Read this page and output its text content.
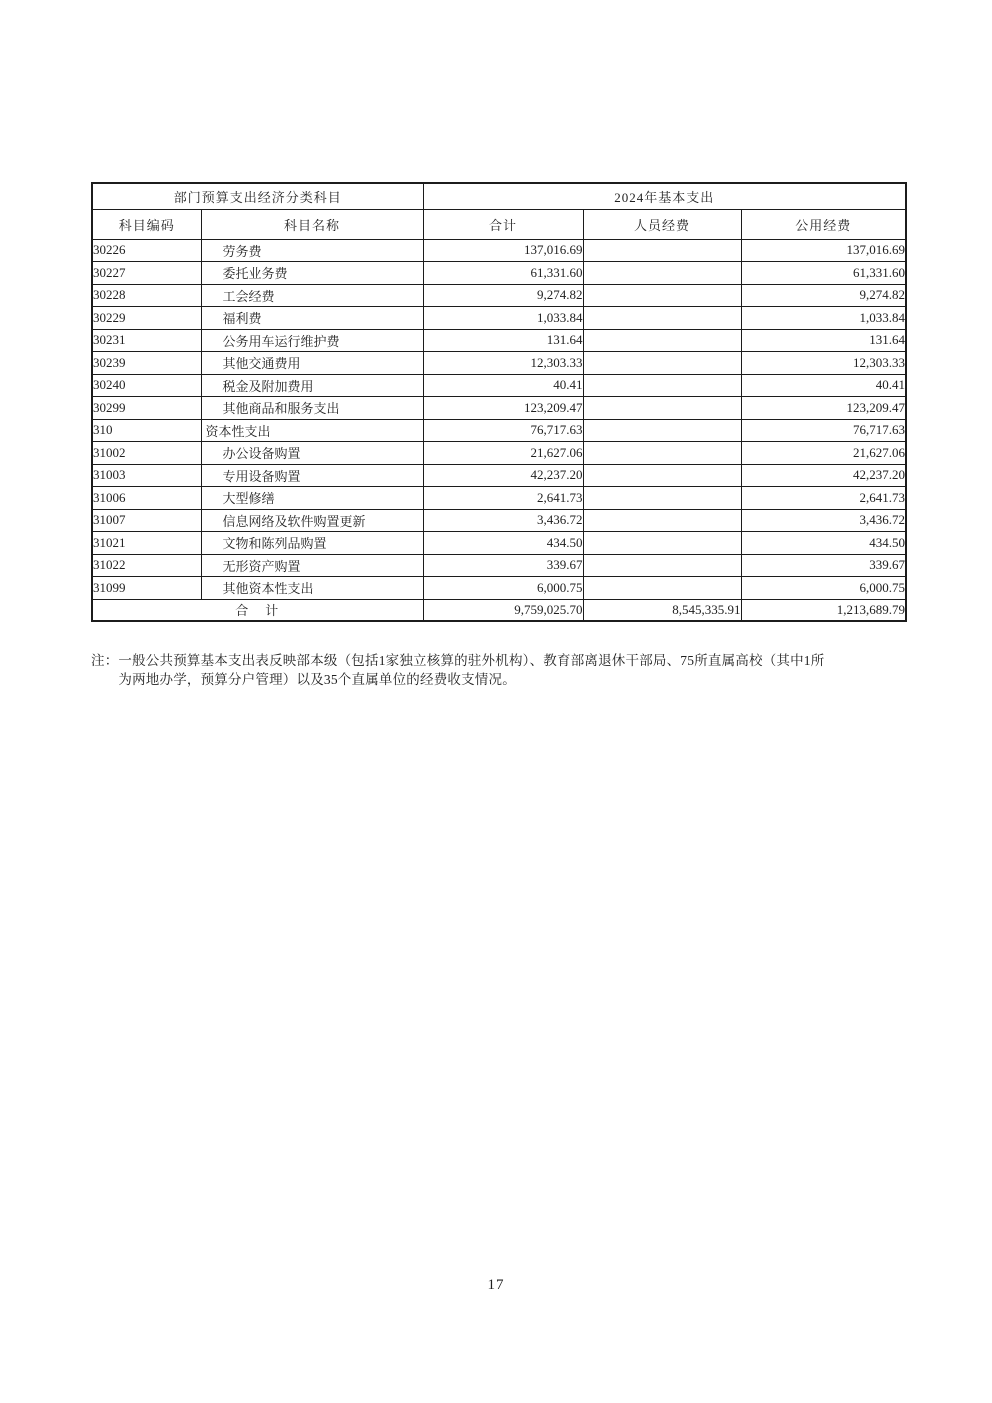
部门预算支出经济分类科目		2024年基本支出		
科目编码	科目名称	合计	人员经费	公用经费
30226	劳务费	137,016.69		137,016.69
30227	委托业务费	61,331.60		61,331.60
30228	工会经费	9,274.82		9,274.82
30229	福利费	1,033.84		1,033.84
30231	公务用车运行维护费	131.64		131.64
30239	其他交通费用	12,303.33		12,303.33
30240	税金及附加费用	40.41		40.41
30299	其他商品和服务支出	123,209.47		123,209.47
310	资本性支出	76,717.63		76,717.63
31002	办公设备购置	21,627.06		21,627.06
31003	专用设备购置	42,237.20		42,237.20
31006	大型修缮	2,641.73		2,641.73
31007	信息网络及软件购置更新	3,436.72		3,436.72
31021	文物和陈列品购置	434.50		434.50
31022	无形资产购置	339.67		339.67
31099	其他资本性支出	6,000.75		6,000.75
合　计		9,759,025.70	8,545,335.91	1,213,689.79
注： 一般公共预算基本支出表反映部本级（包括1家独立核算的驻外机构）、教育部离退休干部局、75所直属高校（其中1所
为两地办学，预算分户管理）以及35个直属单位的经费收支情况。
17
